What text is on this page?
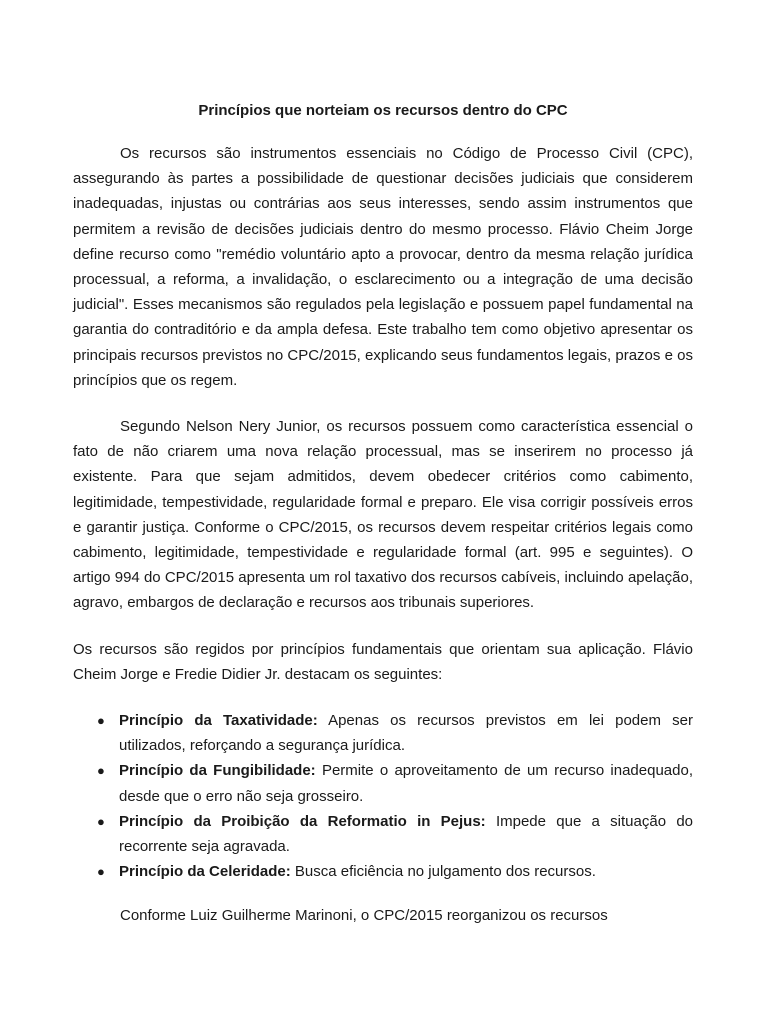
Princípios que norteiam os recursos dentro do CPC

Os recursos são instrumentos essenciais no Código de Processo Civil (CPC), assegurando às partes a possibilidade de questionar decisões judiciais que considerem inadequadas, injustas ou contrárias aos seus interesses, sendo assim instrumentos que permitem a revisão de decisões judiciais dentro do mesmo processo. Flávio Cheim Jorge define recurso como "remédio voluntário apto a provocar, dentro da mesma relação jurídica processual, a reforma, a invalidação, o esclarecimento ou a integração de uma decisão judicial". Esses mecanismos são regulados pela legislação e possuem papel fundamental na garantia do contraditório e da ampla defesa. Este trabalho tem como objetivo apresentar os principais recursos previstos no CPC/2015, explicando seus fundamentos legais, prazos e os princípios que os regem.

Segundo Nelson Nery Junior, os recursos possuem como característica essencial o fato de não criarem uma nova relação processual, mas se inserirem no processo já existente. Para que sejam admitidos, devem obedecer critérios como cabimento, legitimidade, tempestividade, regularidade formal e preparo. Ele visa corrigir possíveis erros e garantir justiça. Conforme o CPC/2015, os recursos devem respeitar critérios legais como cabimento, legitimidade, tempestividade e regularidade formal (art. 995 e seguintes). O artigo 994 do CPC/2015 apresenta um rol taxativo dos recursos cabíveis, incluindo apelação, agravo, embargos de declaração e recursos aos tribunais superiores.

Os recursos são regidos por princípios fundamentais que orientam sua aplicação. Flávio Cheim Jorge e Fredie Didier Jr. destacam os seguintes:

● Princípio da Taxatividade: Apenas os recursos previstos em lei podem ser utilizados, reforçando a segurança jurídica.
● Princípio da Fungibilidade: Permite o aproveitamento de um recurso inadequado, desde que o erro não seja grosseiro.
● Princípio da Proibição da Reformatio in Pejus: Impede que a situação do recorrente seja agravada.
● Princípio da Celeridade: Busca eficiência no julgamento dos recursos.

Conforme Luiz Guilherme Marinoni, o CPC/2015 reorganizou os recursos
